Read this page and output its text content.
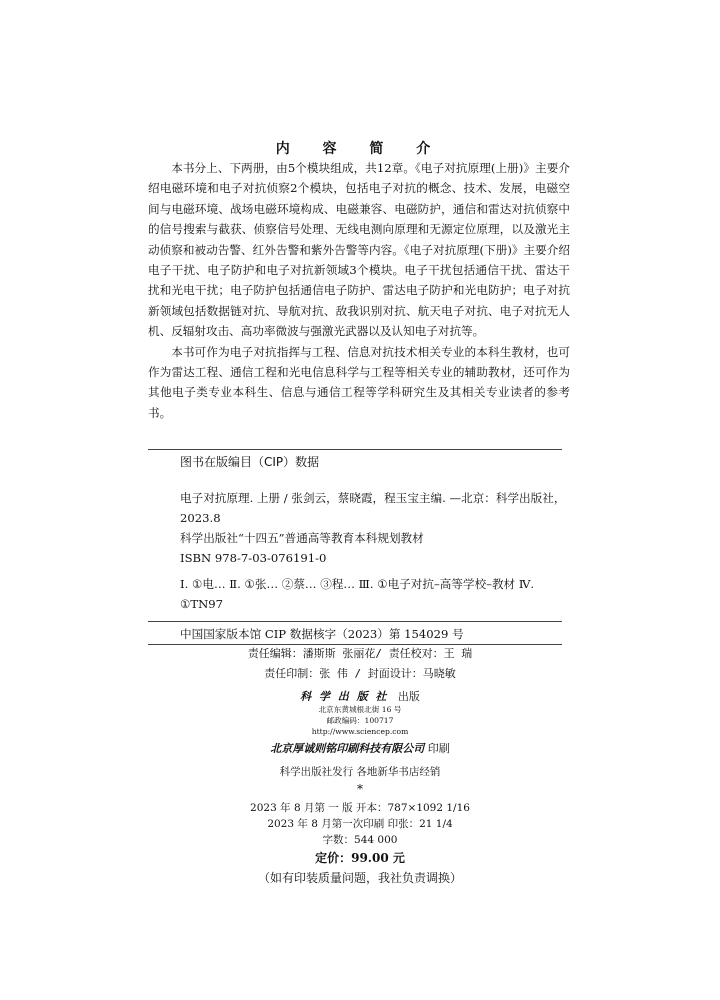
内 容 简 介

本书分上、下两册，由5个模块组成，共12章。《电子对抗原理(上册)》主要介绍电磁环境和电子对抗侦察2个模块，包括电子对抗的概念、技术、发展，电磁空间与电磁环境、战场电磁环境构成、电磁兼容、电磁防护，通信和雷达对抗侦察中的信号搜索与截获、侦察信号处理、无线电测向原理和无源定位原理，以及激光主动侦察和被动告警、红外告警和紫外告警等内容。《电子对抗原理(下册)》主要介绍电子干扰、电子防护和电子对抗新领域3个模块。电子干扰包括通信干扰、雷达干扰和光电干扰；电子防护包括通信电子防护、雷达电子防护和光电防护；电子对抗新领域包括数据链对抗、导航对抗、敌我识别对抗、航天电子对抗、电子对抗无人机、反辐射攻击、高功率微波与强激光武器以及认知电子对抗等。

本书可作为电子对抗指挥与工程、信息对抗技术相关专业的本科生教材，也可作为雷达工程、通信工程和光电信息科学与工程等相关专业的辅助教材，还可作为其他电子类专业本科生、信息与通信工程等学科研究生及其相关专业读者的参考书。

图书在版编目（CIP）数据
电子对抗原理. 上册 / 张剑云，蔡晓霞，程玉宝主编. —北京：科学出版社，2023.8
科学出版社“十四五”普通高等教育本科规划教材
ISBN 978-7-03-076191-0
Ⅰ. ①电… Ⅱ. ①张… ②蔡… ③程… Ⅲ. ①电子对抗–高等学校–教材 Ⅳ. ①TN97
中国国家版本馆 CIP 数据核字（2023）第 154029 号
责任编辑：潘斯斯 张丽花/ 责任校对：王 瑞
责任印制：张 伟 / 封面设计：马晓敏
科 学 出 版 社 出版
北京东黄城根北街 16 号
邮政编码：100717
http://www.sciencep.com
北京厚诚则铭印刷科技有限公司 印刷
科学出版社发行 各地新华书店经销
*
2023 年 8 月第 一 版 开本：787×1092 1/16
2023 年 8 月第一次印刷 印张：21 1/4
字数：544 000
定价：99.00 元
（如有印装质量问题，我社负责调换）
